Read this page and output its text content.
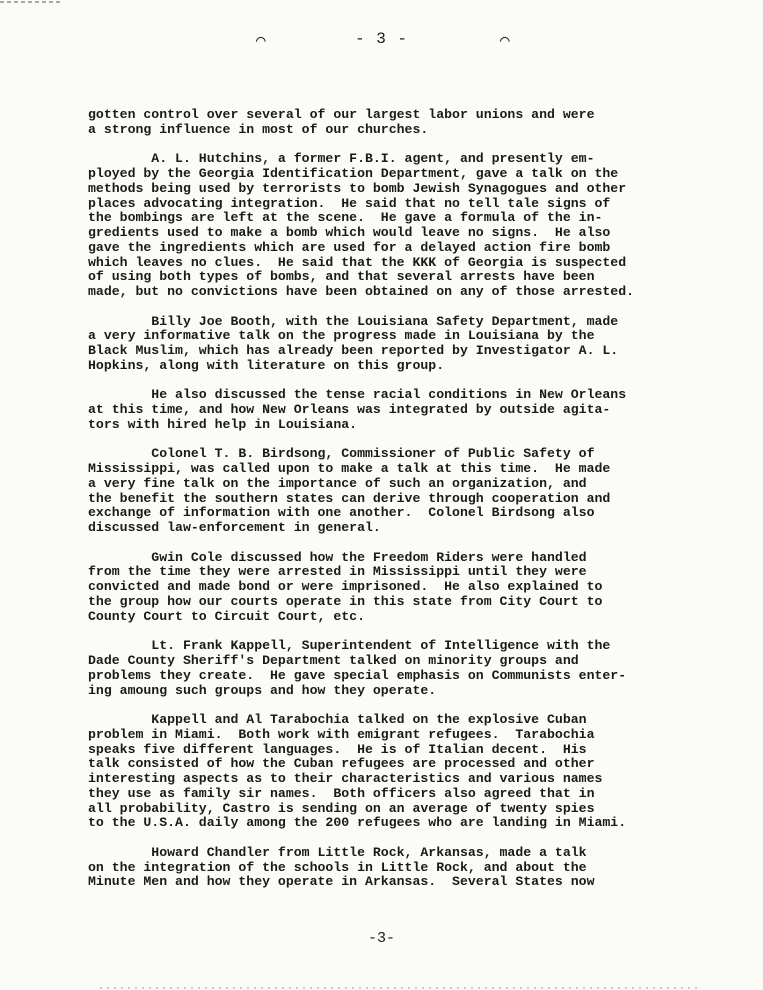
⌒	- 3 -	⌒

gotten control over several of our largest labor unions and were
a strong influence in most of our churches.

A. L. Hutchins, a former F.B.I. agent, and presently em-
ployed by the Georgia Identification Department, gave a talk on the
methods being used by terrorists to bomb Jewish Synagogues and other
places advocating integration.  He said that no tell tale signs of
the bombings are left at the scene.  He gave a formula of the in-
gredients used to make a bomb which would leave no signs.  He also
gave the ingredients which are used for a delayed action fire bomb
which leaves no clues.  He said that the KKK of Georgia is suspected
of using both types of bombs, and that several arrests have been
made, but no convictions have been obtained on any of those arrested.

Billy Joe Booth, with the Louisiana Safety Department, made
a very informative talk on the progress made in Louisiana by the
Black Muslim, which has already been reported by Investigator A. L.
Hopkins, along with literature on this group.

He also discussed the tense racial conditions in New Orleans
at this time, and how New Orleans was integrated by outside agita-
tors with hired help in Louisiana.

Colonel T. B. Birdsong, Commissioner of Public Safety of
Mississippi, was called upon to make a talk at this time.  He made
a very fine talk on the importance of such an organization, and
the benefit the southern states can derive through cooperation and
exchange of information with one another.  Colonel Birdsong also
discussed law-enforcement in general.

Gwin Cole discussed how the Freedom Riders were handled
from the time they were arrested in Mississippi until they were
convicted and made bond or were imprisoned.  He also explained to
the group how our courts operate in this state from City Court to
County Court to Circuit Court, etc.

Lt. Frank Kappell, Superintendent of Intelligence with the
Dade County Sheriff's Department talked on minority groups and
problems they create.  He gave special emphasis on Communists enter-
ing amoung such groups and how they operate.

Kappell and Al Tarabochia talked on the explosive Cuban
problem in Miami.  Both work with emigrant refugees.  Tarabochia
speaks five different languages.  He is of Italian decent.  His
talk consisted of how the Cuban refugees are processed and other
interesting aspects as to their characteristics and various names
they use as family sir names.  Both officers also agreed that in
all probability, Castro is sending on an average of twenty spies
to the U.S.A. daily among the 200 refugees who are landing in Miami.

Howard Chandler from Little Rock, Arkansas, made a talk
on the integration of the schools in Little Rock, and about the
Minute Men and how they operate in Arkansas.  Several States now

-3-
